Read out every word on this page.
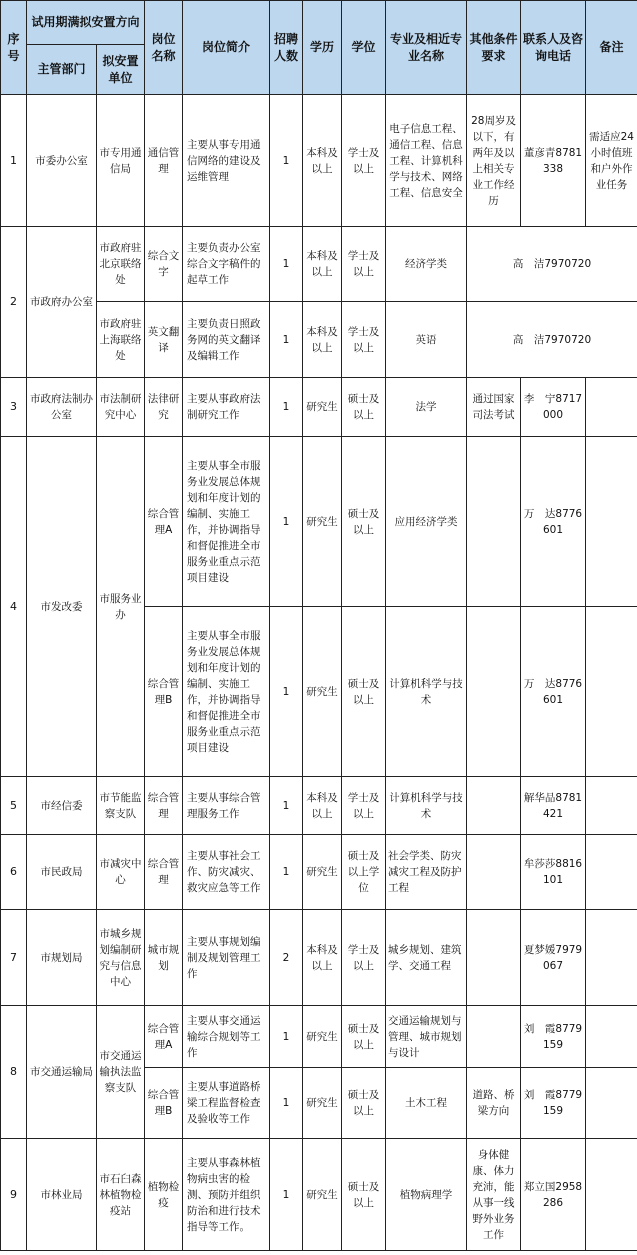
序号	试用期满拟安置方向		岗位名称	岗位简介	招聘人数	学历	学位	专业及相近专业名称	其他条件要求	联系人及咨询电话	备注
	主管部门	拟安置单位									
1	市委办公室	市专用通信局	通信管理	主要从事专用通信网络的建设及运维管理	1	本科及以上	学士及以上	电子信息工程、通信工程、信息工程、计算机科学与技术、网络工程、信息安全	28周岁及以下，有两年及以上相关专业工作经历	董彦青8781338	需适应24小时值班和户外作业任务
2	市政府办公室	市政府驻北京联络处	综合文字	主要负责办公室综合文字稿件的起草工作	1	本科及以上	学士及以上	经济学类	高　洁7970720		
		市政府驻上海联络处	英文翻译	主要负责日照政务网的英文翻译及编辑工作	1	本科及以上	学士及以上	英语	高　洁7970720		
3	市政府法制办公室	市法制研究中心	法律研究	主要从事政府法制研究工作	1	研究生	硕士及以上	法学	通过国家司法考试	李　宁8717000	
4	市发改委	市服务业办	综合管理A	主要从事全市服务业发展总体规划和年度计划的编制、实施工作，并协调指导和督促推进全市服务业重点示范项目建设	1	研究生	硕士及以上	应用经济学类		万　达8776601	
			综合管理B	主要从事全市服务业发展总体规划和年度计划的编制、实施工作，并协调指导和督促推进全市服务业重点示范项目建设	1	研究生	硕士及以上	计算机科学与技术		万　达8776601	
5	市经信委	市节能监察支队	综合管理	主要从事综合管理服务工作	1	本科及以上	学士及以上	计算机科学与技术		解华品8781421	
6	市民政局	市减灾中心	综合管理	主要从事社会工作、防灾减灾、救灾应急等工作	1	研究生	硕士及以上学位	社会学类、防灾减灾工程及防护工程		牟莎莎8816101	
7	市规划局	市城乡规划编制研究与信息中心	城市规划	主要从事规划编制及规划管理工作	2	本科及以上	学士及以上	城乡规划、建筑学、交通工程		夏梦媛7979067	
8	市交通运输局	市交通运输执法监察支队	综合管理A	主要从事交通运输综合规划等工作	1	研究生	硕士及以上	交通运输规划与管理、城市规划与设计		刘　霞8779159	
			综合管理B	主要从事道路桥梁工程监督检查及验收等工作	1	研究生	硕士及以上	土木工程	道路、桥梁方向	刘　霞8779159	
9	市林业局	市石臼森林植物检疫站	植物检疫	主要从事森林植物病虫害的检测、预防并组织防治和进行技术指导等工作。	1	研究生	硕士及以上	植物病理学	身体健康、体力充沛，能从事一线野外业务工作	郑立国2958286	
